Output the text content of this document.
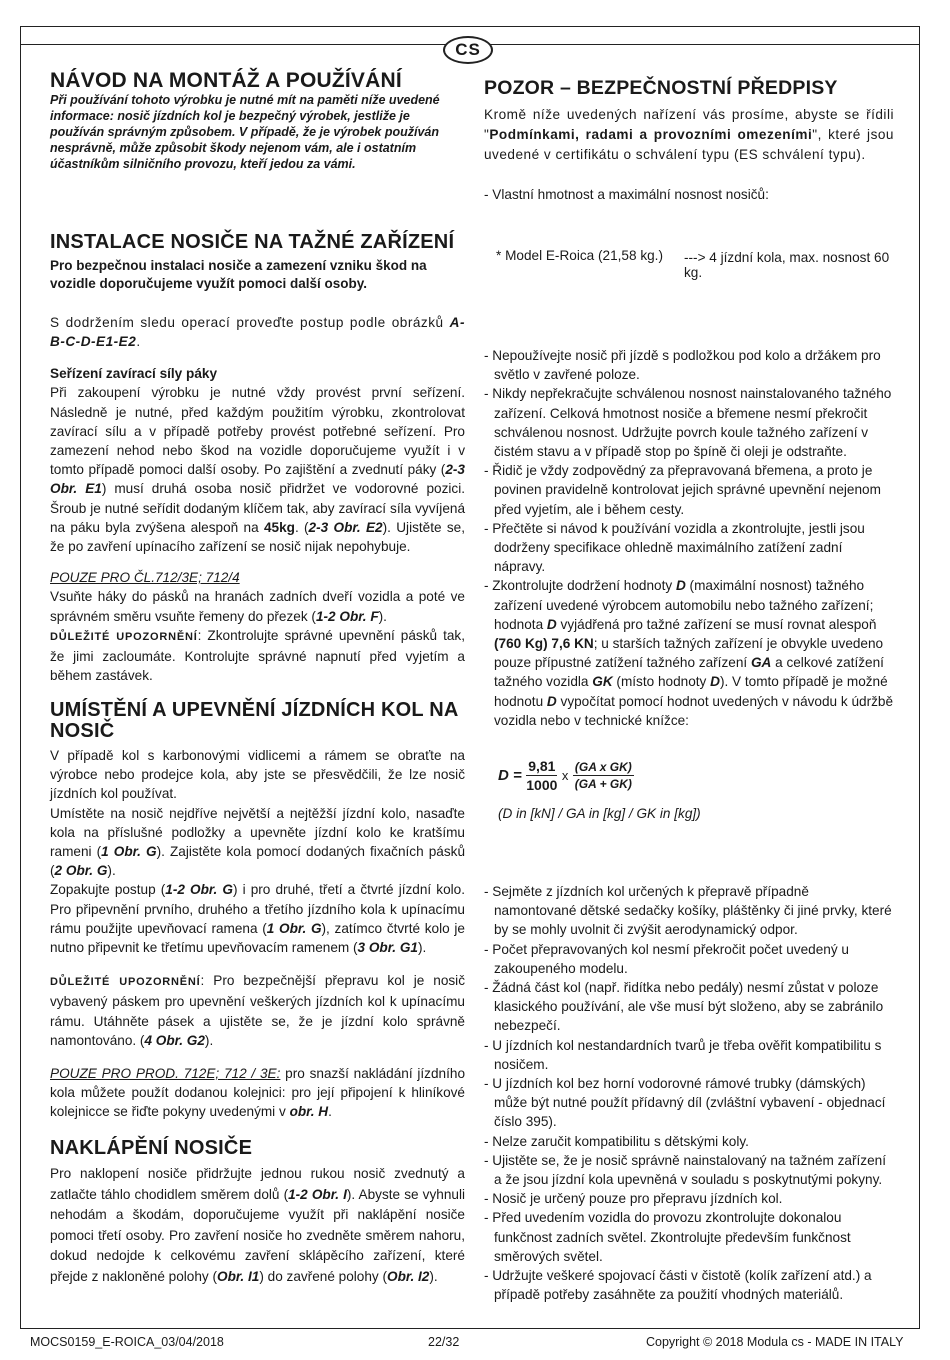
CS
NÁVOD NA MONTÁŽ A POUŽÍVÁNÍ
Při používání tohoto výrobku je nutné mít na paměti níže uvedené informace: nosič jízdních kol je bezpečný výrobek, jestliže je používán správným způsobem. V případě, že je výrobek používán nesprávně, může způsobit škody nejenom vám, ale i ostatním účastníkům silničního provozu, kteří jedou za vámi.
INSTALACE NOSIČE NA TAŽNÉ ZAŘÍZENÍ
Pro bezpečnou instalaci nosiče a zamezení vzniku škod na vozidle doporučujeme využít pomoci další osoby.

S dodržením sledu operací proveďte postup podle obrázků A-B-C-D-E1-E2.

Seřízení zavírací síly páky

Při zakoupení výrobku je nutné vždy provést první seřízení. Následně je nutné, před každým použitím výrobku, zkontrolovat zavírací sílu a v případě potřeby provést potřebné seřízení. Pro zamezení nehod nebo škod na vozidle doporučujeme využít i v tomto případě pomoci další osoby. Po zajištění a zvednutí páky (2-3 Obr. E1) musí druhá osoba nosič přidržet ve vodorovné pozici. Šroub je nutné seřídit dodaným klíčem tak, aby zavírací síla vyvíjená na páku byla zvýšena alespoň na 45kg. (2-3 Obr. E2). Ujistěte se, že po zavření upínacího zařízení se nosič nijak nepohybuje.

POUZE PRO ČL.712/3E; 712/4

Vsuňte háky do pásků na hranách zadních dveří vozidla a poté ve správném směru vsuňte řemeny do přezek (1-2 Obr. F).

DŮLEŽITÉ UPOZORNĚNÍ: Zkontrolujte správné upevnění pásků tak, že jimi zacloumáte. Kontrolujte správné napnutí před vyjetím a během zastávek.

UMÍSTĚNÍ A UPEVNĚNÍ JÍZDNÍCH KOL NA NOSIČ

V případě kol s karbonovými vidlicemi a rámem se obraťte na výrobce nebo prodejce kola, aby jste se přesvědčili, že lze nosič jízdních kol používat.

Umístěte na nosič nejdříve největší a nejtěžší jízdní kolo, nasaďte kola na příslušné podložky a upevněte jízdní kolo ke kratšímu rameni (1 Obr. G). Zajistěte kola pomocí dodaných fixačních pásků (2 Obr. G).

Zopakujte postup (1-2 Obr. G) i pro druhé, třetí a čtvrté jízdní kolo. Pro připevnění prvního, druhého a třetího jízdního kola k upínacímu rámu použijte upevňovací ramena (1 Obr. G), zatímco čtvrté kolo je nutno připevnit ke třetímu upevňovacím ramenem (3 Obr. G1).

DŮLEŽITÉ UPOZORNĚNÍ: Pro bezpečnější přepravu kol je nosič vybavený páskem pro upevnění veškerých jízdních kol k upínacímu rámu. Utáhněte pásek a ujistěte se, že je jízdní kolo správně namontováno. (4 Obr. G2).

POUZE PRO PROD. 712E; 712 / 3E: pro snazší nakládání jízdního kola můžete použít dodanou kolejnici: pro její připojení k hliníkové kolejnicce se řiďte pokyny uvedenými v obr. H.

NAKLÁPĚNÍ NOSIČE

Pro naklopení nosiče přidržujte jednou rukou nosič zvednutý a zatlačte táhlo chodidlem směrem dolů (1-2 Obr. I). Abyste se vyhnuli nehodám a škodám, doporučujeme využít při naklápění nosiče pomoci třetí osoby. Pro zavření nosiče ho zvedněte směrem nahoru, dokud nedojde k celkovému zavření sklápěcího zařízení, které přejde z nakloněné polohy (Obr. I1) do zavřené polohy (Obr. I2).

POZOR – BEZPEČNOSTNÍ PŘEDPISY

Kromě níže uvedených nařízení vás prosíme, abyste se řídili "Podmínkami, radami a provozními omezeními", které jsou uvedené v certifikátu o schválení typu (ES schválení typu).

- Vlastní hmotnost a maximální nosnost nosičů:

* Model E-Roica (21,58 kg.) ---> 4 jízdní kola, max. nosnost 60 kg.
- Nepoužívejte nosič při jízdě s podložkou pod kolo a držákem pro světlo v zavřené poloze.
- Nikdy nepřekračujte schválenou nosnost nainstalovaného tažného zařízení. Celková hmotnost nosiče a břemene nesmí překročit schválenou nosnost. Udržujte povrch koule tažného zařízení v čistém stavu a v případě stop po špíně či oleji je odstraňte.
- Řidič je vždy zodpovědný za přepravovaná břemena, a proto je povinen pravidelně kontrolovat jejich správné upevnění nejenom před vyjetím, ale i během cesty.
- Přečtěte si návod k používání vozidla a zkontrolujte, jestli jsou dodrženy specifikace ohledně maximálního zatížení zadní nápravy.
- Zkontrolujte dodržení hodnoty D (maximální nosnost) tažného zařízení uvedené výrobcem automobilu nebo tažného zařízení; hodnota D vyjádřená pro tažné zařízení se musí rovnat alespoň (760 Kg) 7,6 KN; u starších tažných zařízení je obvykle uvedeno pouze přípustné zatížení tažného zařízení GA a celkové zatížení tažného vozidla GK (místo hodnoty D). V tomto případě je možné hodnotu D vypočítat pomocí hodnot uvedených v návodu k údržbě vozidla nebo v technické knížce:
$D = \frac{9,81}{1000}$ x $\frac{\text{(GA x GK)}}{(GA + GK)}$
(D in [kN] / GA in [kg] / GK in [kg])
- Sejměte z jízdních kol určených k přepravě případně namontované dětské sedačky košíky, pláštěnky či jiné prvky, které by se mohly uvolnit či zvýšit aerodynamický odpor.
- Počet přepravovaných kol nesmí překročit počet uvedený u zakoupeného modelu.
- Žádná část kol (např. řidítka nebo pedály) nesmí zůstat v poloze klasického používání, ale vše musí být složeno, aby se zabránilo nebezpečí.
- U jízdních kol nestandardních tvarů je třeba ověřit kompatibilitu s nosičem.
- U jízdních kol bez horní vodorovné rámové trubky (dámských) může být nutné použít přídavný díl (zvláštní vybavení - objednací číslo 395).
- Nelze zaručit kompatibilitu s dětskými koly.
- Ujistěte se, že je nosič správně nainstalovaný na tažném zařízení a že jsou jízdní kola upevněná v souladu s poskytnutými pokyny.
- Nosič je určený pouze pro přepravu jízdních kol.
- Před uvedením vozidla do provozu zkontrolujte dokonalou funkčnost zadních světel. Zkontrolujte především funkčnost směrových světel.
- Udržujte veškeré spojovací části v čistotě (kolík zařízení atd.) a případě potřeby zasáhněte za použití vhodných materiálů.
MOCS0159_E-ROICA_03/04/2018	22/32	Copyright © 2018 Modula cs - MADE IN ITALY
